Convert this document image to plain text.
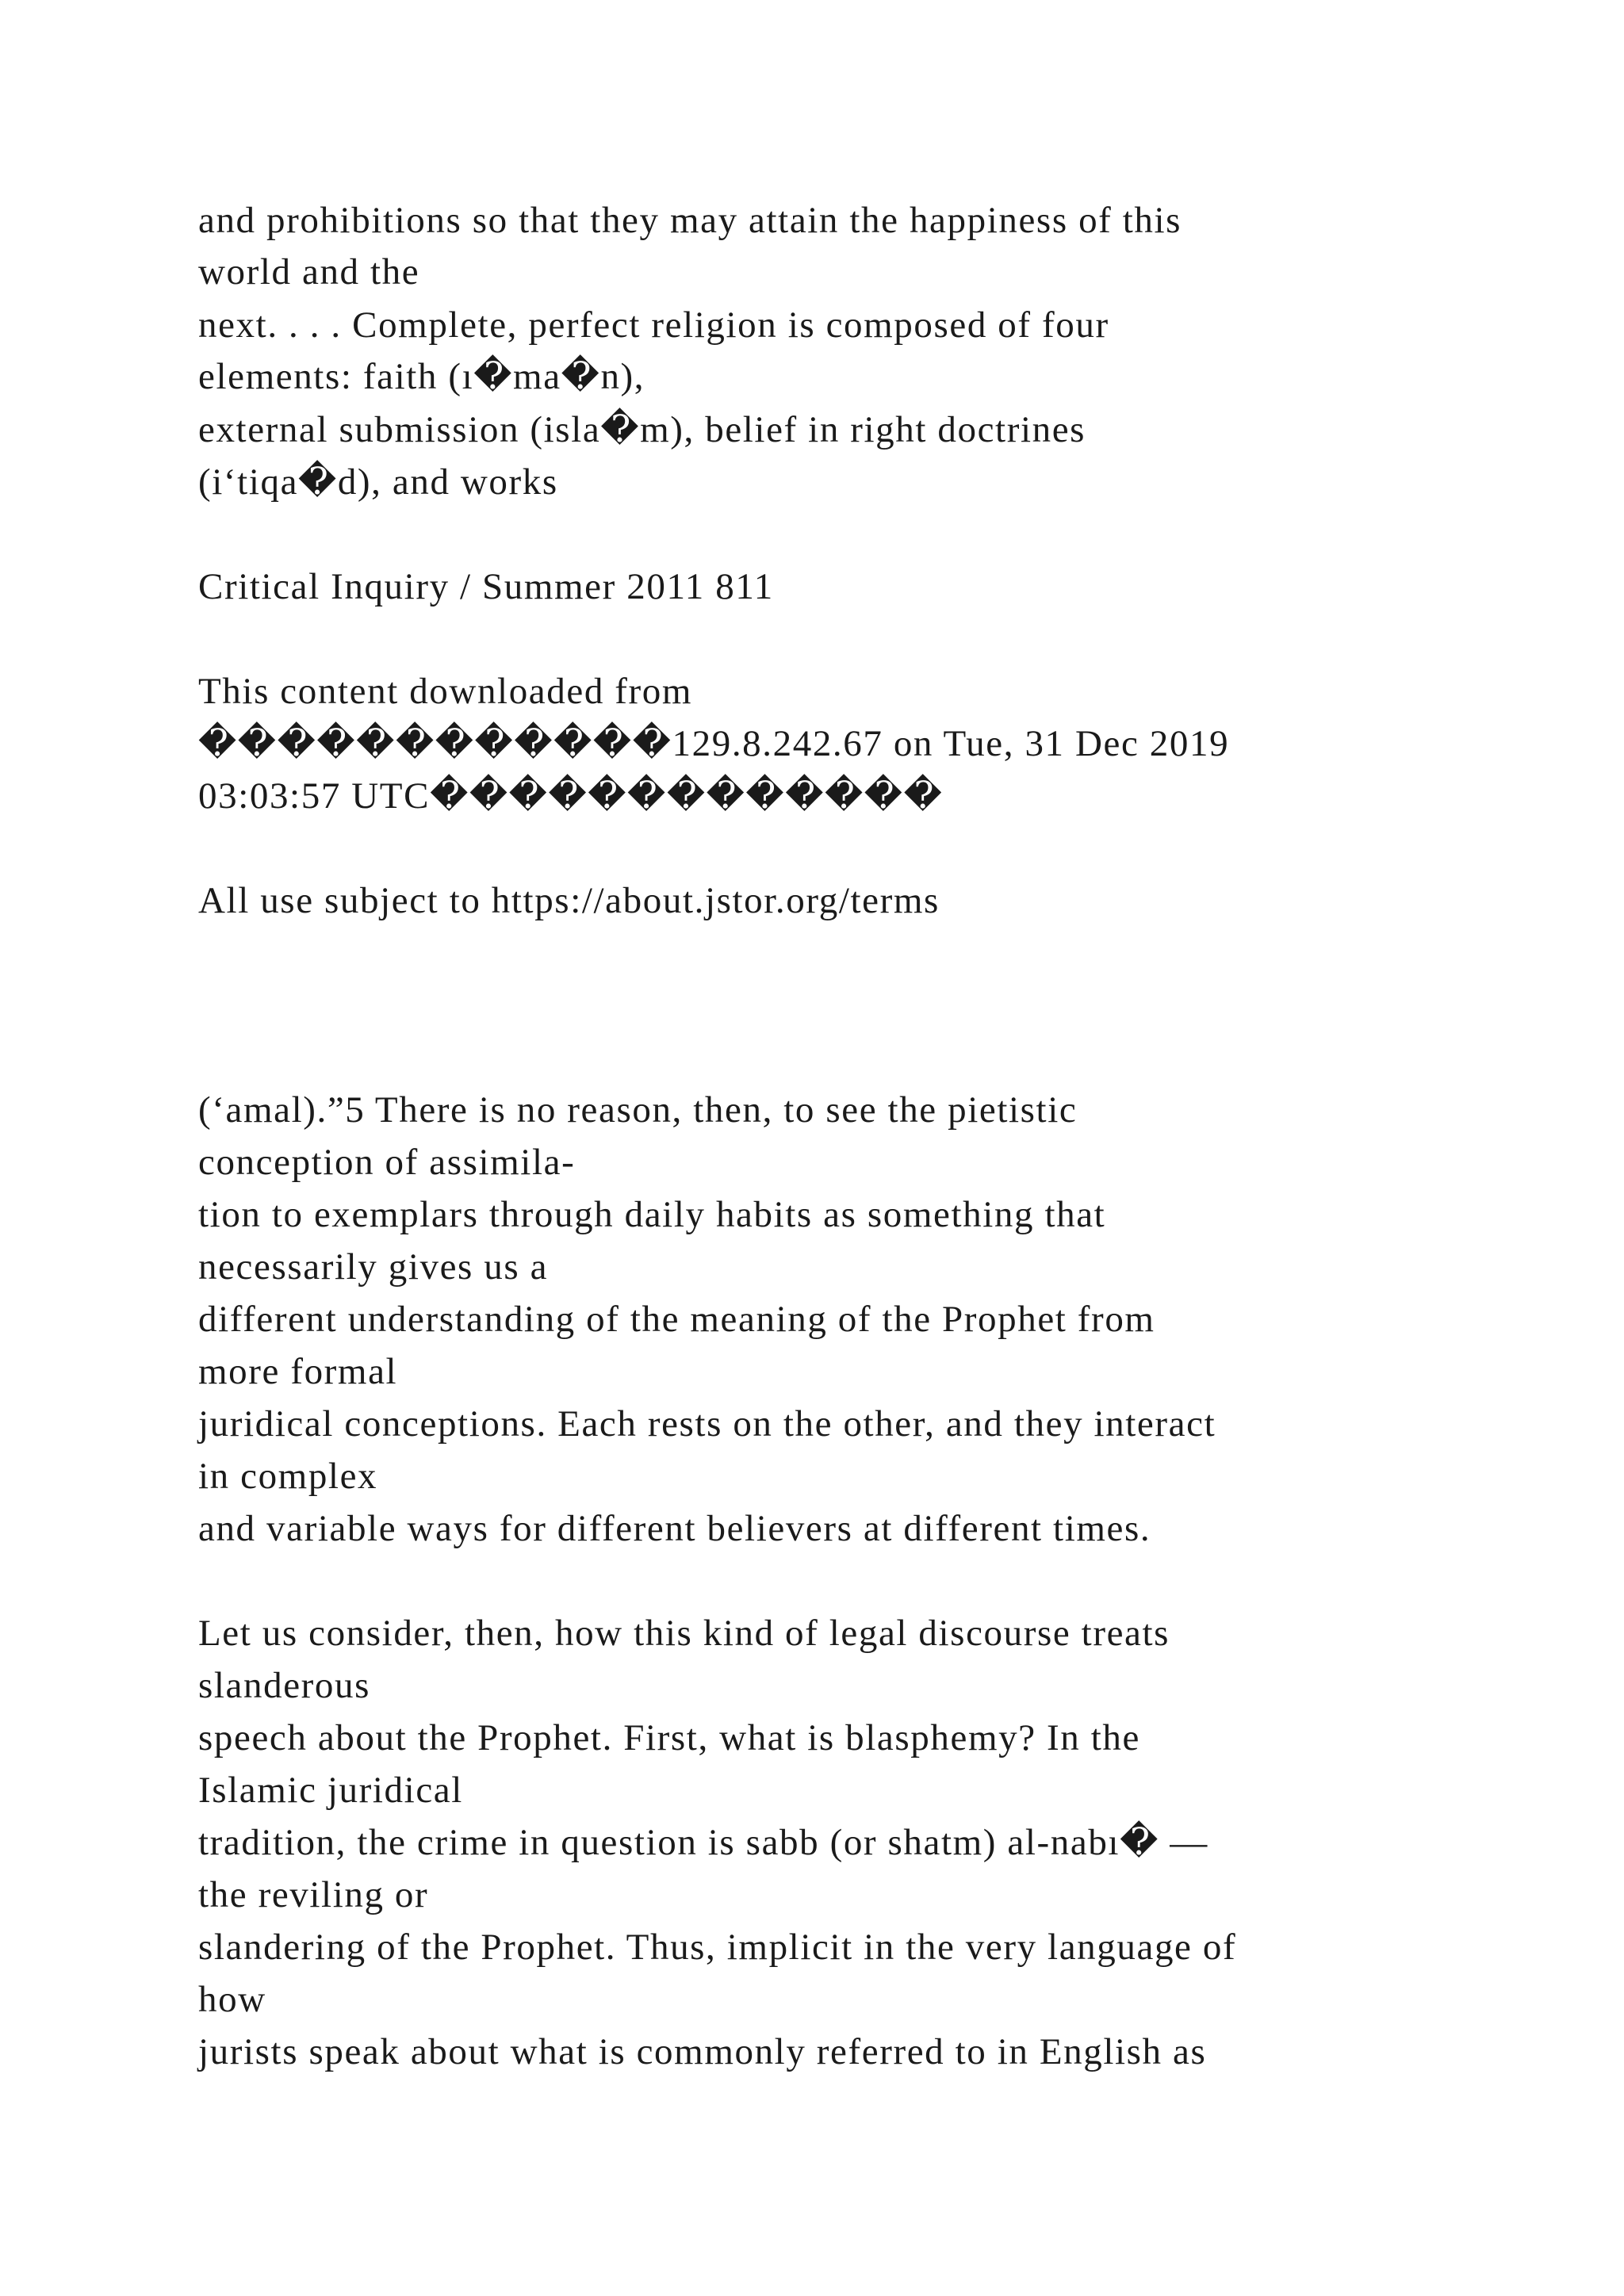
and prohibitions so that they may attain the happiness of this
world and the
next. . . . Complete, perfect religion is composed of four
elements: faith (ı�ma�n),
external submission (isla�m), belief in right doctrines
(i‘tiqa�d), and works
Critical Inquiry / Summer 2011 811
This content downloaded from
������������129.8.242.67 on Tue, 31 Dec 2019
03:03:57 UTC�������������
All use subject to https://about.jstor.org/terms
(‘amal).”5 There is no reason, then, to see the pietistic
conception of assimila-
tion to exemplars through daily habits as something that
necessarily gives us a
different understanding of the meaning of the Prophet from
more formal
juridical conceptions. Each rests on the other, and they interact
in complex
and variable ways for different believers at different times.
Let us consider, then, how this kind of legal discourse treats
slanderous
speech about the Prophet. First, what is blasphemy? In the
Islamic juridical
tradition, the crime in question is sabb (or shatm) al-nabı� —
the reviling or
slandering of the Prophet. Thus, implicit in the very language of
how
jurists speak about what is commonly referred to in English as
